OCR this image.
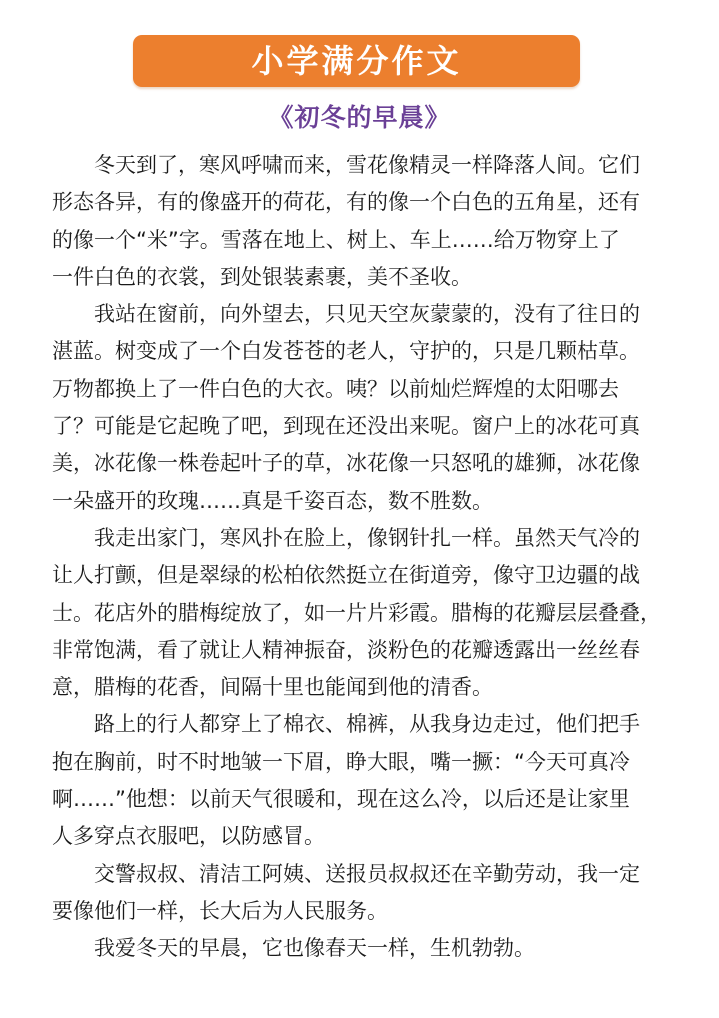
小学满分作文
《初冬的早晨》
冬天到了，寒风呼啸而来，雪花像精灵一样降落人间。它们
形态各异，有的像盛开的荷花，有的像一个白色的五角星，还有
的像一个“米”字。雪落在地上、树上、车上……给万物穿上了
一件白色的衣裳，到处银装素裹，美不圣收。
我站在窗前，向外望去，只见天空灰蒙蒙的，没有了往日的
湛蓝。树变成了一个白发苍苍的老人，守护的，只是几颗枯草。
万物都换上了一件白色的大衣。咦？以前灿烂辉煌的太阳哪去
了？可能是它起晚了吧，到现在还没出来呢。窗户上的冰花可真
美，冰花像一株卷起叶子的草，冰花像一只怒吼的雄狮，冰花像
一朵盛开的玫瑰……真是千姿百态，数不胜数。
我走出家门，寒风扑在脸上，像钢针扎一样。虽然天气冷的
让人打颤，但是翠绿的松柏依然挺立在街道旁，像守卫边疆的战
士。花店外的腊梅绽放了，如一片片彩霞。腊梅的花瓣层层叠叠，
非常饱满，看了就让人精神振奋，淡粉色的花瓣透露出一丝丝春
意，腊梅的花香，间隔十里也能闻到他的清香。
路上的行人都穿上了棉衣、棉裤，从我身边走过，他们把手
抱在胸前，时不时地皱一下眉，睁大眼，嘴一撅：“今天可真冷
啊……”他想：以前天气很暖和，现在这么冷，以后还是让家里
人多穿点衣服吧，以防感冒。
交警叔叔、清洁工阿姨、送报员叔叔还在辛勤劳动，我一定
要像他们一样，长大后为人民服务。
我爱冬天的早晨，它也像春天一样，生机勃勃。
